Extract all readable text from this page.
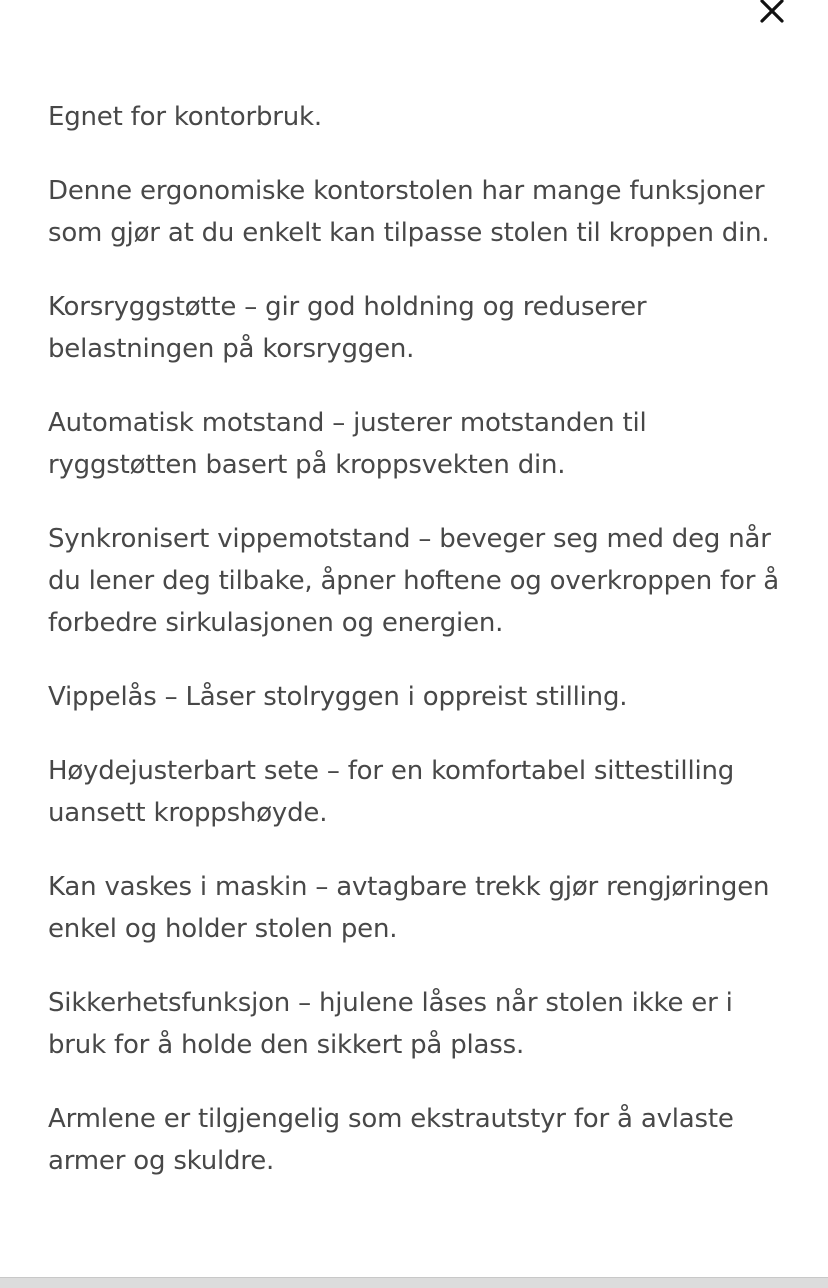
Egnet for kontorbruk.

Denne ergonomiske kontorstolen har mange funksjoner som gjør at du enkelt kan tilpasse stolen til kroppen din.

Korsryggstøtte – gir god holdning og reduserer belastningen på korsryggen.

Automatisk motstand – justerer motstanden til ryggstøtten basert på kroppsvekten din.

Synkronisert vippemotstand – beveger seg med deg når du lener deg tilbake, åpner hoftene og overkroppen for å forbedre sirkulasjonen og energien.

Vippelås – Låser stolryggen i oppreist stilling.

Høydejusterbart sete – for en komfortabel sittestilling uansett kroppshøyde.

Kan vaskes i maskin – avtagbare trekk gjør rengjøringen enkel og holder stolen pen.

Sikkerhetsfunksjon – hjulene låses når stolen ikke er i bruk for å holde den sikkert på plass.

Armlene er tilgjengelig som ekstrautstyr for å avlaste armer og skuldre.
